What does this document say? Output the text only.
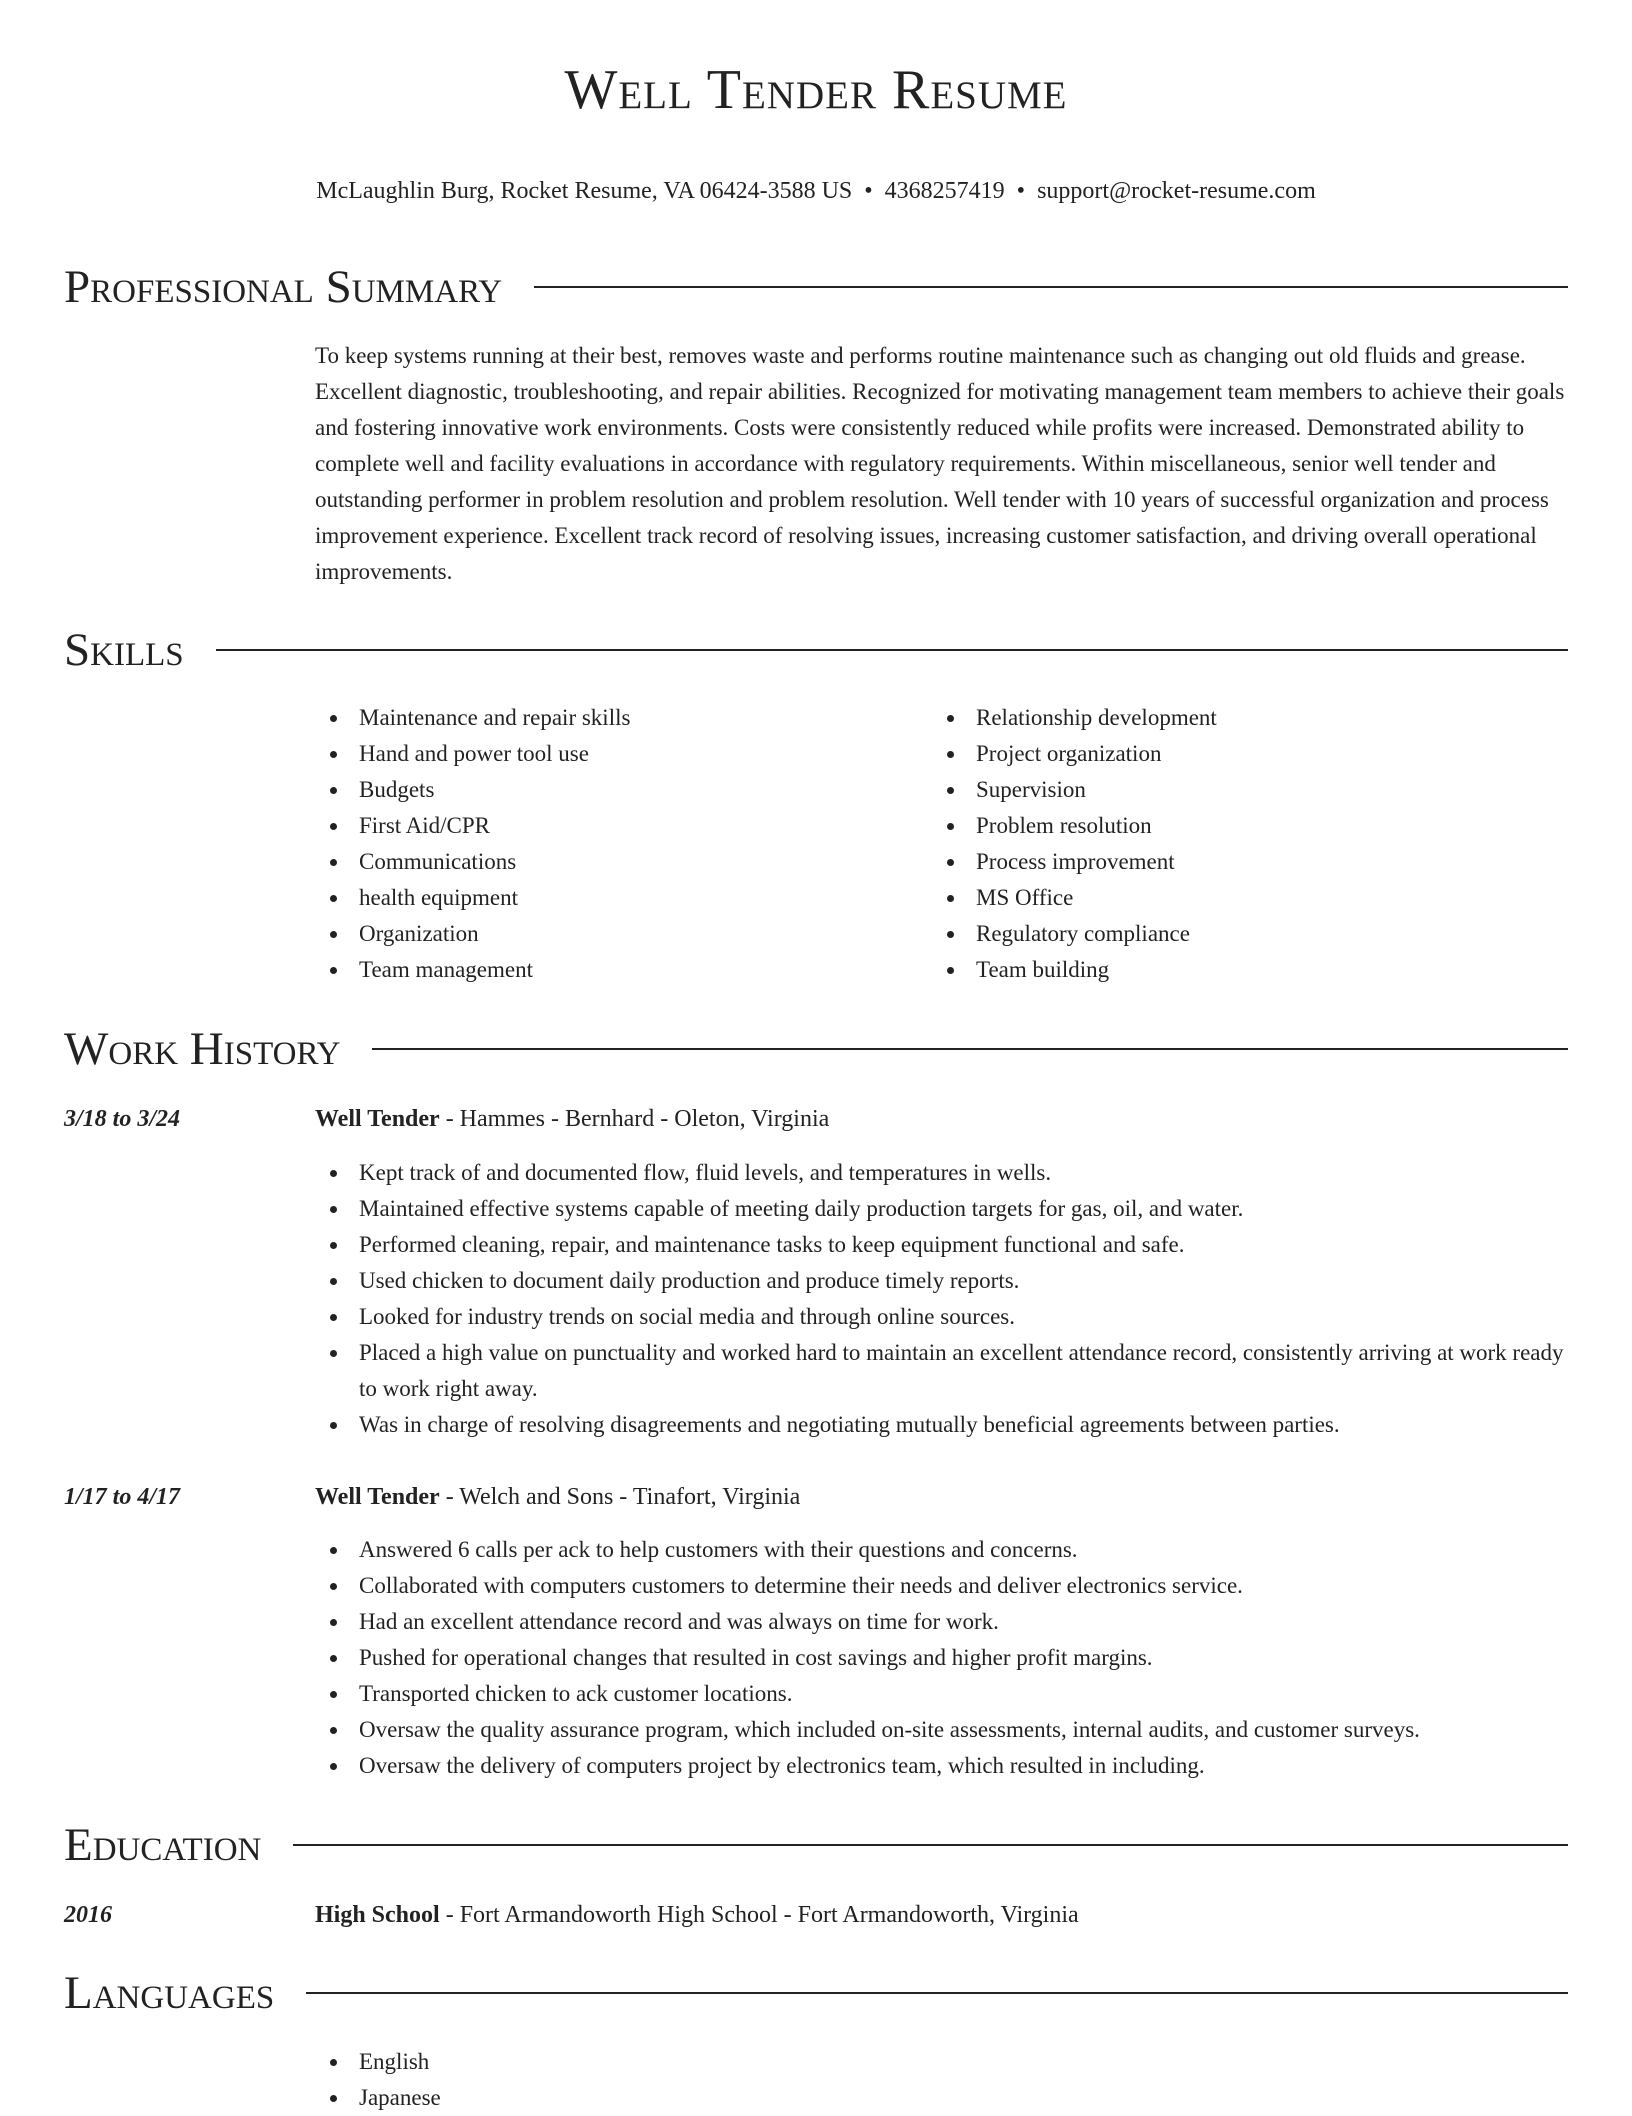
Well Tender Resume
McLaughlin Burg, Rocket Resume, VA 06424-3588 US • 4368257419 • support@rocket-resume.com
Professional Summary

To keep systems running at their best, removes waste and performs routine maintenance such as changing out old fluids and grease. Excellent diagnostic, troubleshooting, and repair abilities. Recognized for motivating management team members to achieve their goals and fostering innovative work environments. Costs were consistently reduced while profits were increased. Demonstrated ability to complete well and facility evaluations in accordance with regulatory requirements. Within miscellaneous, senior well tender and outstanding performer in problem resolution and problem resolution. Well tender with 10 years of successful organization and process improvement experience. Excellent track record of resolving issues, increasing customer satisfaction, and driving overall operational improvements.

Skills
Maintenance and repair skills
Hand and power tool use
Budgets
First Aid/CPR
Communications
health equipment
Organization
Team management
Relationship development
Project organization
Supervision
Problem resolution
Process improvement
MS Office
Regulatory compliance
Team building
Work History
3/18 to 3/24	Well Tender - Hammes - Bernhard - Oleton, Virginia
Kept track of and documented flow, fluid levels, and temperatures in wells.
Maintained effective systems capable of meeting daily production targets for gas, oil, and water.
Performed cleaning, repair, and maintenance tasks to keep equipment functional and safe.
Used chicken to document daily production and produce timely reports.
Looked for industry trends on social media and through online sources.
Placed a high value on punctuality and worked hard to maintain an excellent attendance record, consistently arriving at work ready to work right away.
Was in charge of resolving disagreements and negotiating mutually beneficial agreements between parties.
1/17 to 4/17	Well Tender - Welch and Sons - Tinafort, Virginia
Answered 6 calls per ack to help customers with their questions and concerns.
Collaborated with computers customers to determine their needs and deliver electronics service.
Had an excellent attendance record and was always on time for work.
Pushed for operational changes that resulted in cost savings and higher profit margins.
Transported chicken to ack customer locations.
Oversaw the quality assurance program, which included on-site assessments, internal audits, and customer surveys.
Oversaw the delivery of computers project by electronics team, which resulted in including.
Education
2016	High School - Fort Armandoworth High School - Fort Armandoworth, Virginia
Languages
English
Japanese
